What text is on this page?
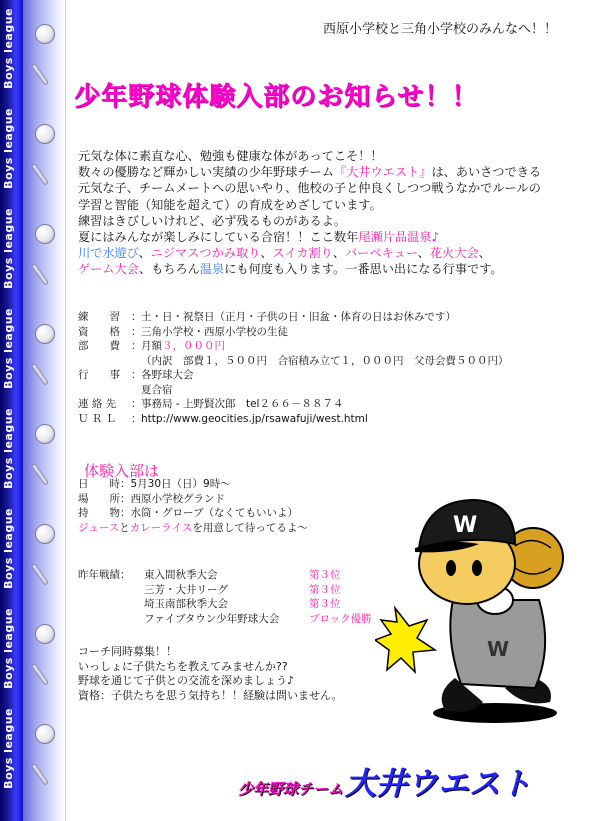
Boys league
Boys league
Boys league
Boys league
Boys league
Boys league
Boys league
Boys league
西原小学校と三角小学校のみんなへ！！
少年野球体験入部のお知らせ！！
元気な体に素直な心、勉強も健康な体があってこそ！！
数々の優勝など輝かしい実績の少年野球チーム『大井ウエスト』は、あいさつできる
元気な子、チームメートへの思いやり、他校の子と仲良くしつつ戦うなかでルールの
学習と智能（知能を超えて）の育成をめざしています。
練習はきびしいけれど、必ず残るものがあるよ。
夏にはみんなが楽しみにしている合宿！！ここ数年尾瀬片品温泉♪
川で水遊び、ニジマスつかみ取り、スイカ割り、バーベキュー、花火大会、
ゲーム大会、もちろん温泉にも何度も入ります。一番思い出になる行事です。
練　　習	： 土・日・祝祭日（正月・子供の日・旧盆・体育の日はお休みです）
資　　格	： 三角小学校・西原小学校の生徒
部　　費	： 月額 ３，０００円
（内訳　部費１，５００円　合宿積み立て１，０００円　父母会費５００円）
行　　事	： 各野球大会
夏合宿
連 絡 先	： 事務局 - 上野賢次郎　tel２６６－８８７４
Ｕ Ｒ Ｌ	： http://www.geocities.jp/rsawafuji/west.html
体験入部は
日　　時：5月30日（日）9時～
場　　所：西原小学校グランド
持　　物：水筒・グローブ（なくてもいいよ）
ジュースとカレーライスを用意して待ってるよ～
昨年戦績：	東入間秋季大会	第３位
三芳・大井リーグ	第３位
埼玉南部秋季大会	第３位
ファイブタウン少年野球大会	ブロック優勝
コーチ同時募集！！
いっしょに子供たちを教えてみませんか??
野球を通じて子供との交流を深めましょう♪
資格：子供たちを思う気持ち！！経験は問いません。
W
W
少年野球チーム大井ウエスト
